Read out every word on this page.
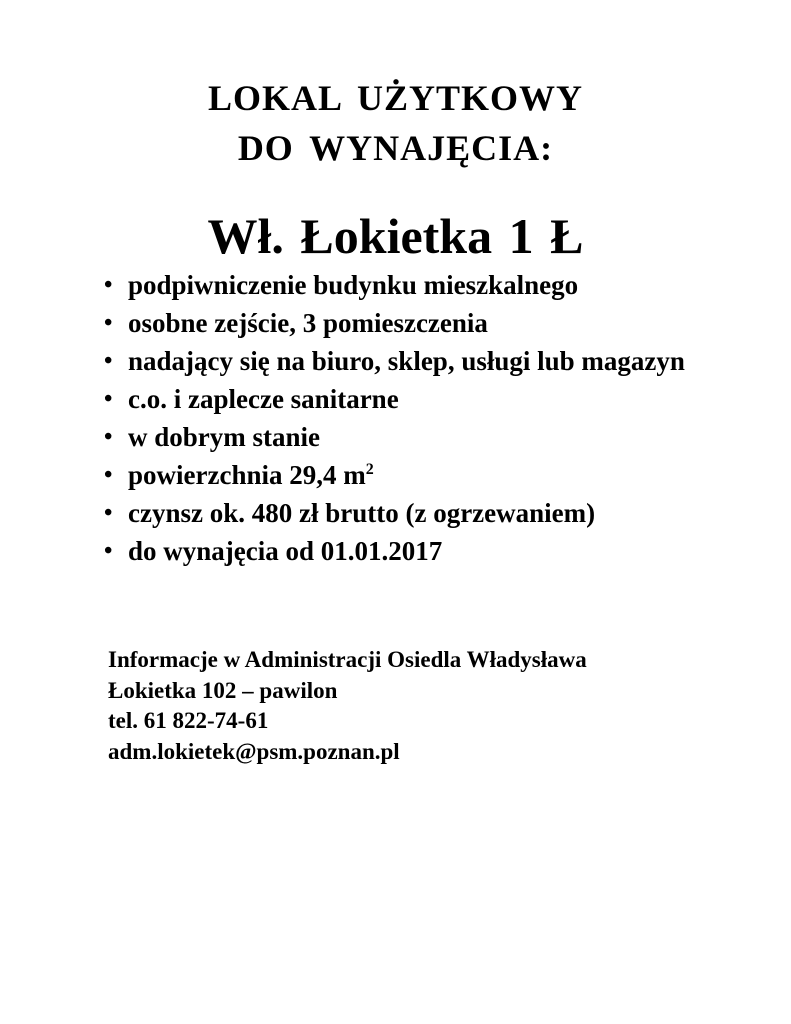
LOKAL UŻYTKOWY
DO WYNAJĘCIA:
Wł. Łokietka 1 Ł
• podpiwniczenie budynku mieszkalnego
• osobne zejście, 3 pomieszczenia
• nadający się na biuro, sklep, usługi lub magazyn
• c.o. i zaplecze sanitarne
• w dobrym stanie
• powierzchnia 29,4 $m^2$
• czynsz ok. 480 zł brutto (z ogrzewaniem)
• do wynajęcia od 01.01.2017
Informacje w Administracji Osiedla Władysława
Łokietka 102 – pawilon
tel. 61 822-74-61
adm.lokietek@psm.poznan.pl
